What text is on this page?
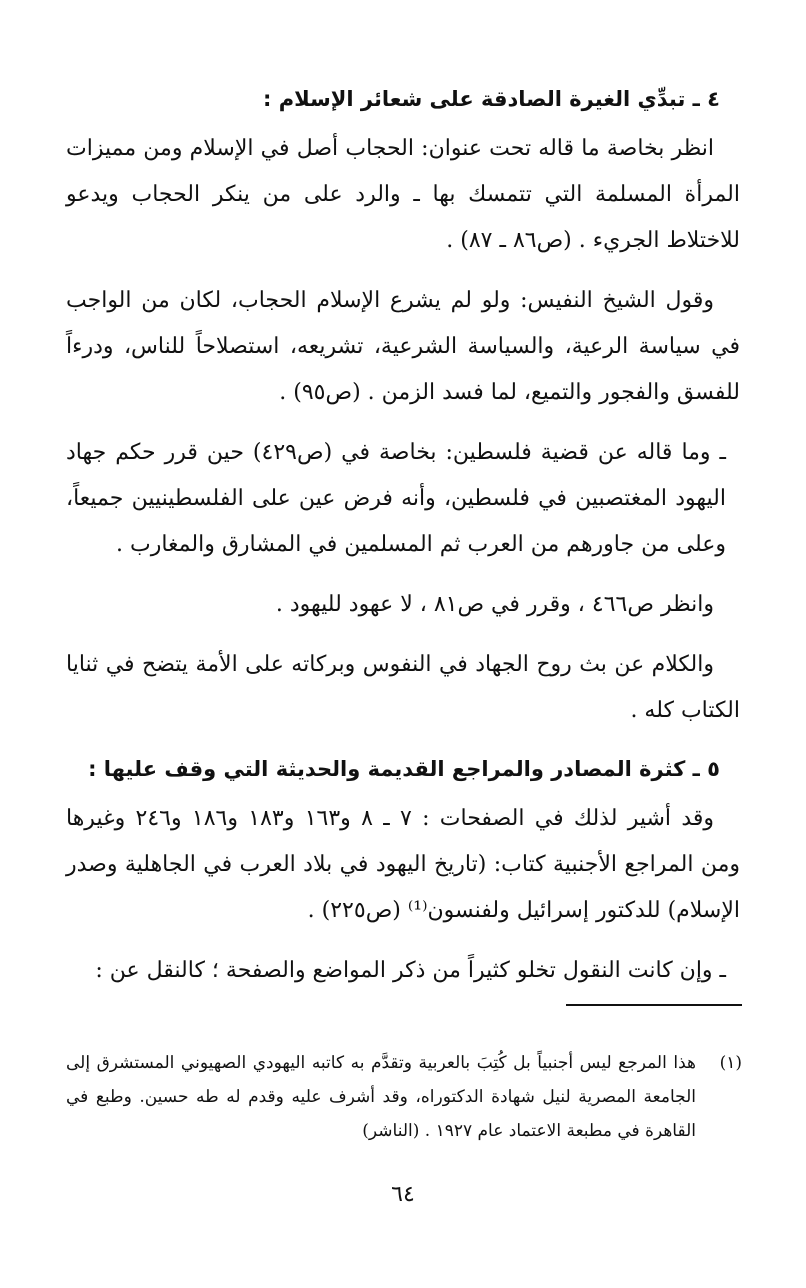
٤ ـ تبدِّي الغيرة الصادقة على شعائر الإسلام :

انظر بخاصة ما قاله تحت عنوان: الحجاب أصل في الإسلام ومن مميزات المرأة المسلمة التي تتمسك بها ـ والرد على من ينكر الحجاب ويدعو للاختلاط الجريء . (ص٨٦ ـ ٨٧) .

وقول الشيخ النفيس: ولو لم يشرع الإسلام الحجاب، لكان من الواجب في سياسة الرعية، والسياسة الشرعية، تشريعه، استصلاحاً للناس، ودرءاً للفسق والفجور والتميع، لما فسد الزمن . (ص٩٥) .

ـ وما قاله عن قضية فلسطين: بخاصة في (ص٤٢٩) حين قرر حكم جهاد اليهود المغتصبين في فلسطين، وأنه فرض عين على الفلسطينيين جميعاً، وعلى من جاورهم من العرب ثم المسلمين في المشارق والمغارب .

وانظر ص٤٦٦ ، وقرر في ص٨١ ، لا عهود لليهود .

والكلام عن بث روح الجهاد في النفوس وبركاته على الأمة يتضح في ثنايا الكتاب كله .

٥ ـ كثرة المصادر والمراجع القديمة والحديثة التي وقف عليها :

وقد أشير لذلك في الصفحات : ٧ ـ ٨ و١٦٣ و١٨٣ و١٨٦ و٢٤٦ وغيرها ومن المراجع الأجنبية كتاب: (تاريخ اليهود في بلاد العرب في الجاهلية وصدر الإسلام) للدكتور إسرائيل ولفنسون⁽¹⁾ (ص٢٢٥) .

ـ وإن كانت النقول تخلو كثيراً من ذكر المواضع والصفحة ؛ كالنقل عن :

(١)
هذا المرجع ليس أجنبياً بل كُتِبَ بالعربية وتقدَّم به كاتبه اليهودي الصهيوني المستشرق إلى الجامعة المصرية لنيل شهادة الدكتوراه، وقد أشرف عليه وقدم له طه حسين. وطبع في القاهرة في مطبعة الاعتماد عام ١٩٢٧ . (الناشر)
٦٤
